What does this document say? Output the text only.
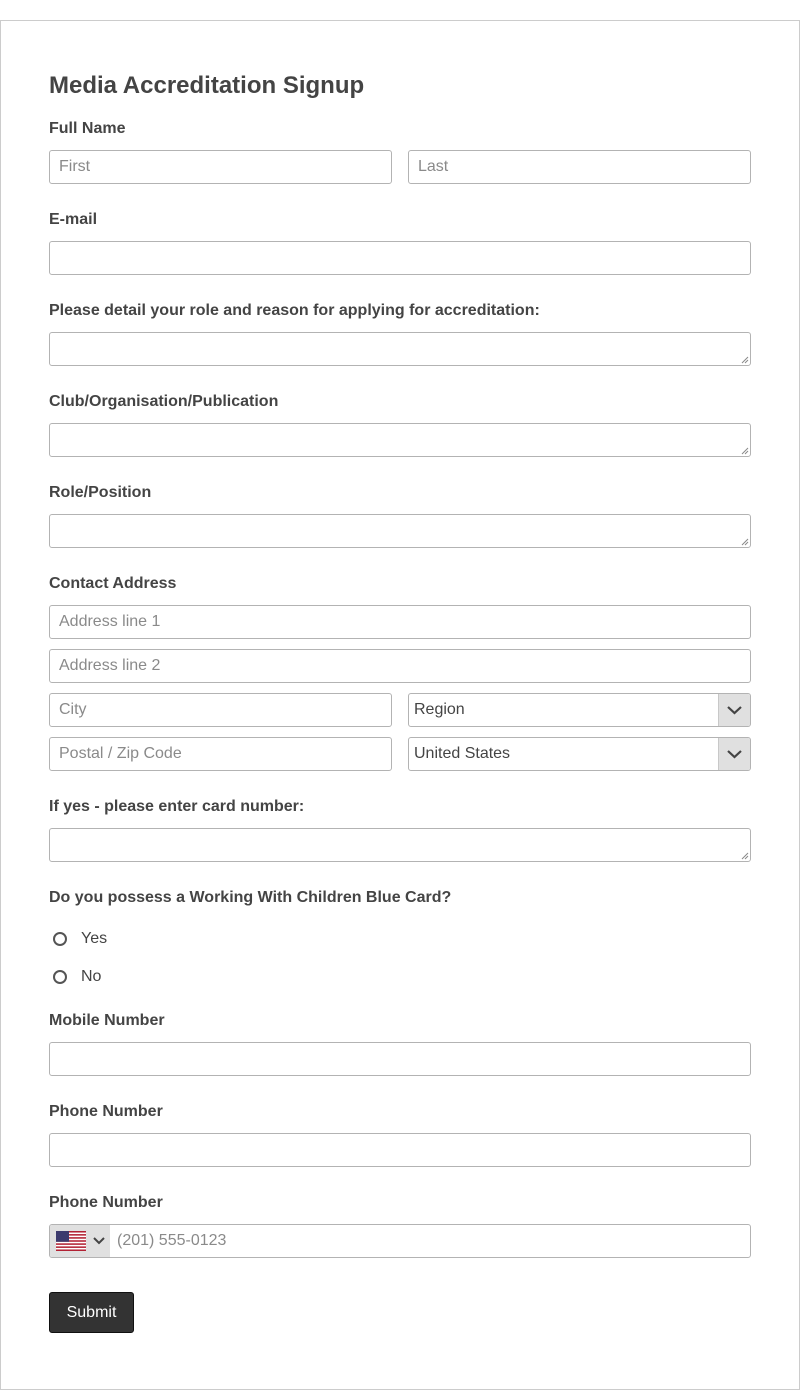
Media Accreditation Signup
Full Name
First	Last
E-mail
Please detail your role and reason for applying for accreditation:
Club/Organisation/Publication
Role/Position
Contact Address
Address line 1
Address line 2
City	Region
Postal / Zip Code	United States
If yes - please enter card number:
Do you possess a Working With Children Blue Card?
Yes
No
Mobile Number
Phone Number
Phone Number
(201) 555-0123
Submit
